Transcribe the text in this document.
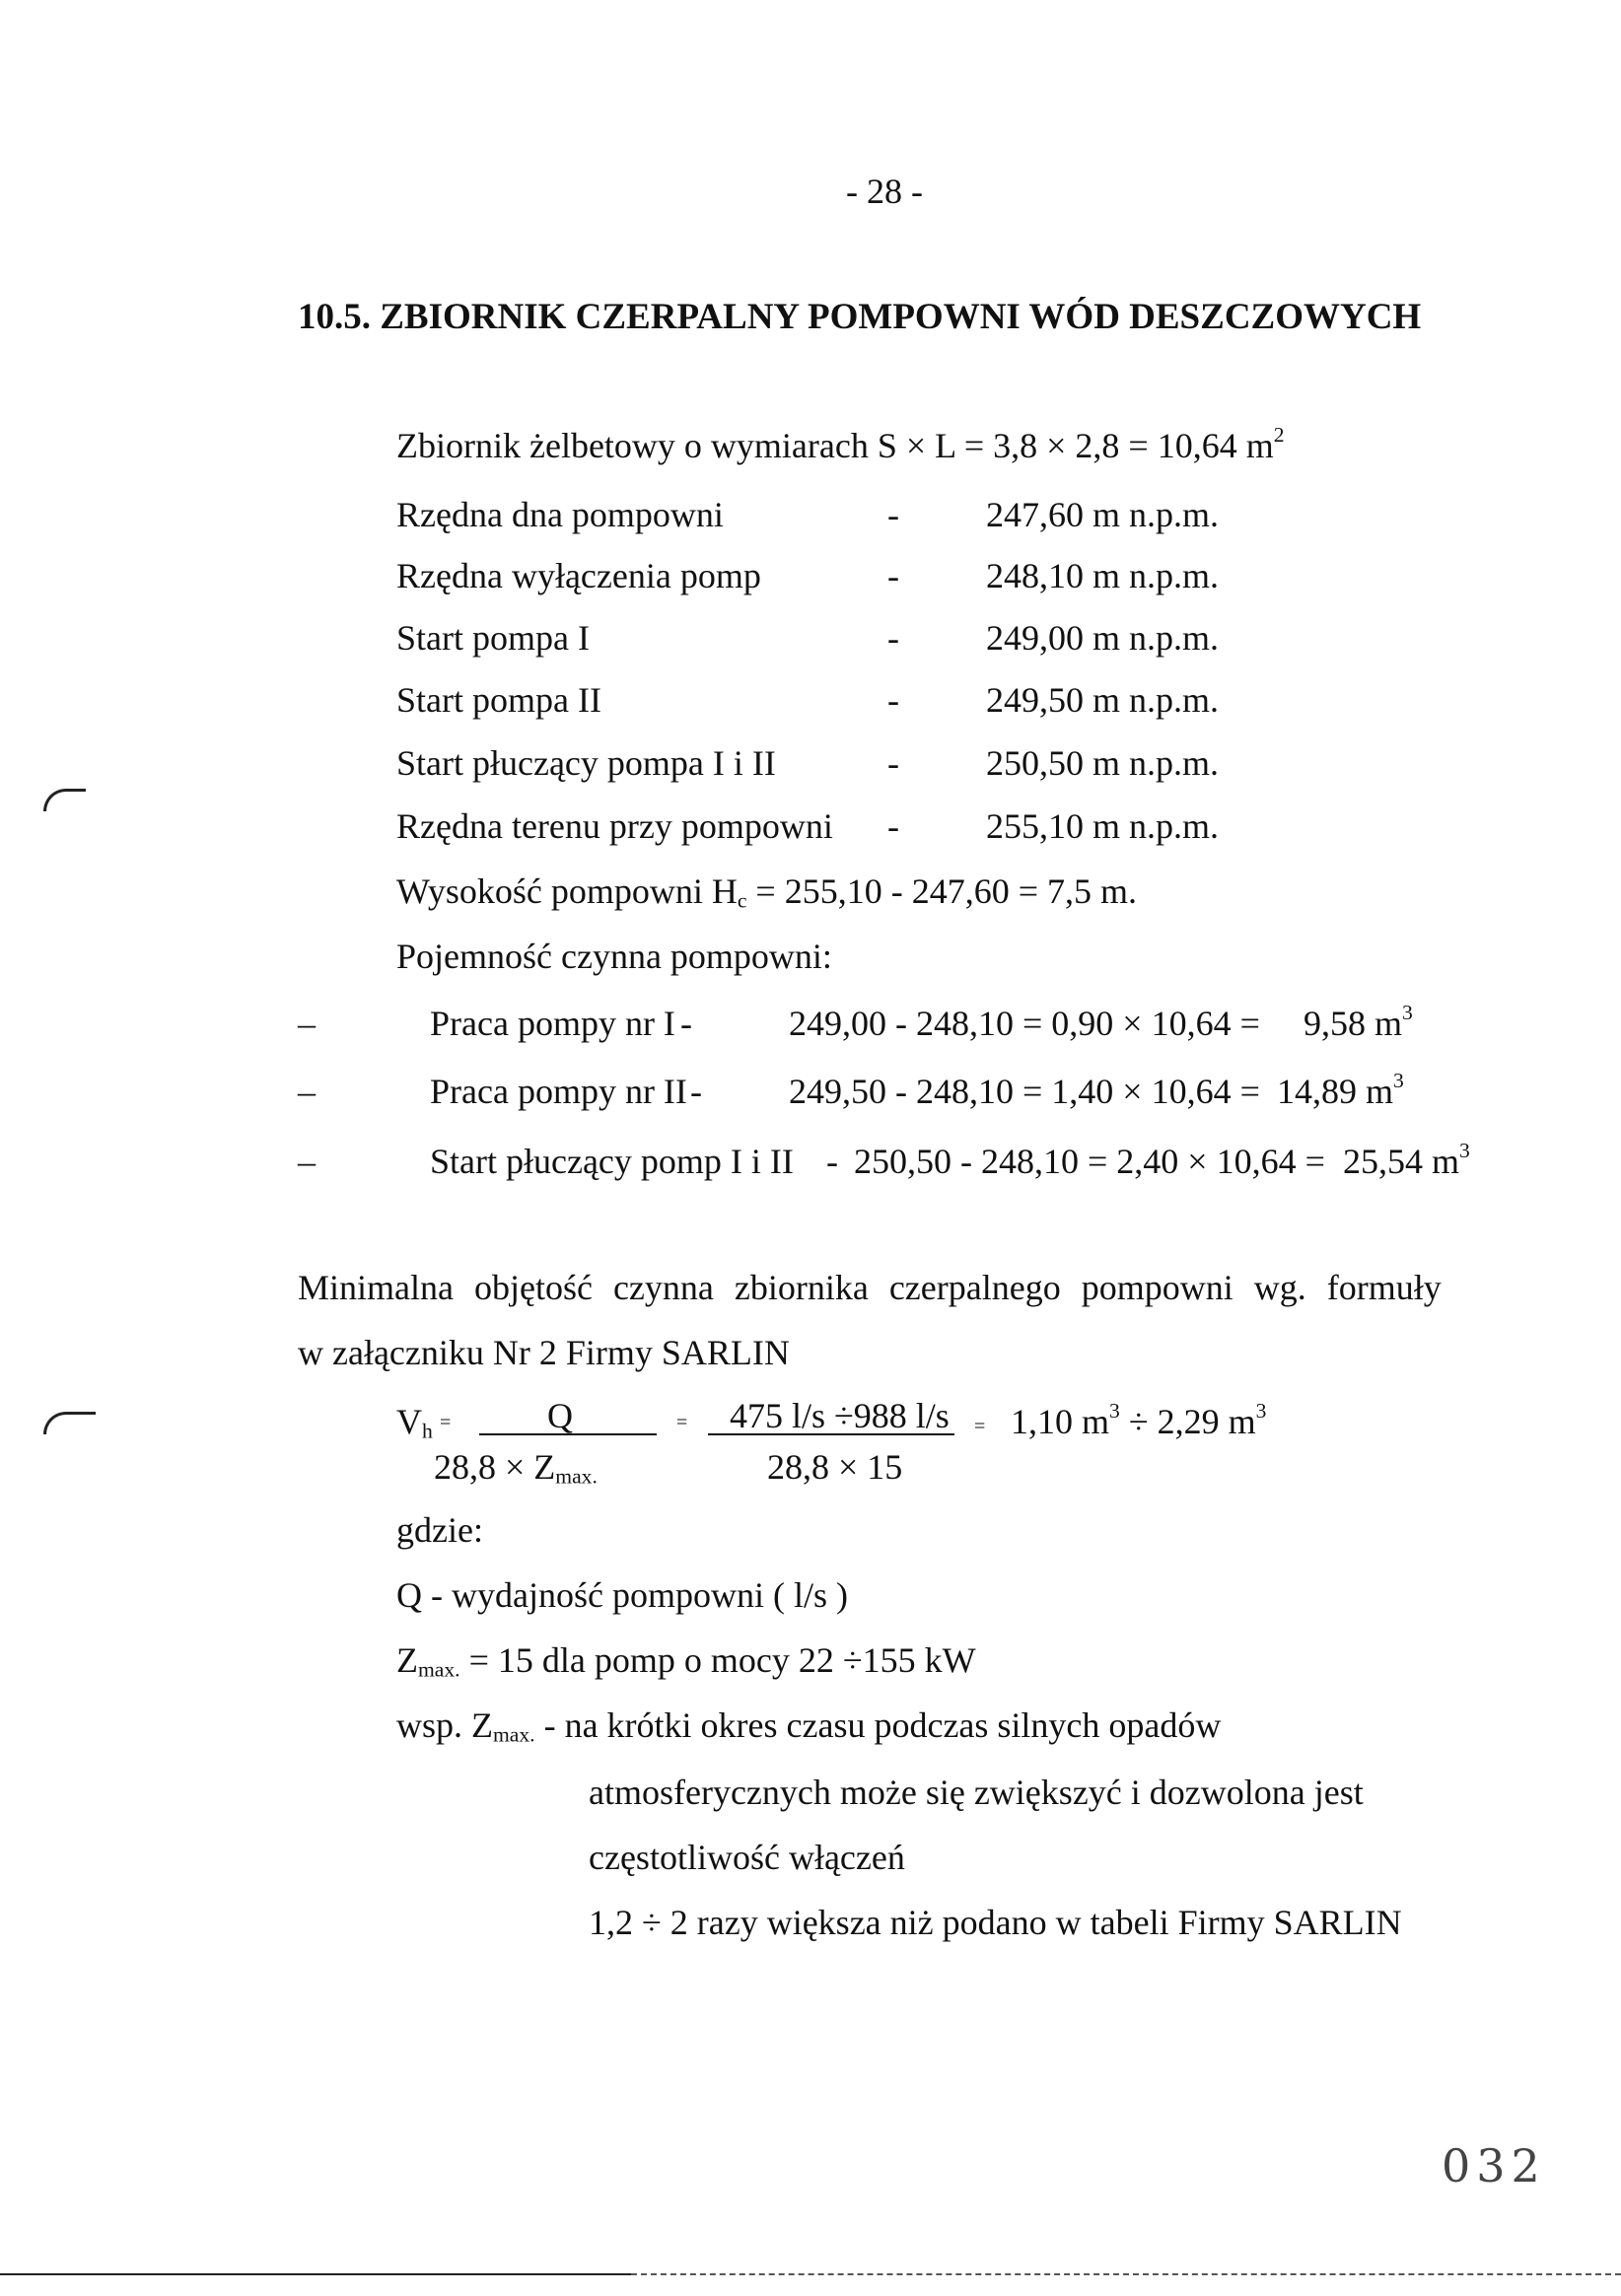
- 28 -
10.5. ZBIORNIK CZERPALNY POMPOWNI WÓD DESZCZOWYCH
Zbiornik żelbetowy o wymiarach S × L = 3,8 × 2,8 = 10,64 $m^2$
Rzędna dna pompowni	- 247,60 m n.p.m.
Rzędna wyłączenia pomp	- 248,10 m n.p.m.
Start pompa I	- 249,00 m n.p.m.
Start pompa II	- 249,50 m n.p.m.
Start płuczący pompa I i II	- 250,50 m n.p.m.
Rzędna terenu przy pompowni - 255,10 m n.p.m.
Wysokość pompowni $H_c = 255,10 - 247,60 = 7,5$ m.
Pojemność czynna pompowni:
–	Praca pompy nr I -	249,00 - 248,10 = 0,90 × 10,64 = 9,58 $m^3$
–	Praca pompy nr II - 249,50 - 248,10 = 1,40 × 10,64 = 14,89 $m^3$
–	Start płuczący pomp I i II - 250,50 - 248,10 = 2,40 × 10,64 = 25,54 $m^3$
Minimalna objętość czynna zbiornika czerpalnego pompowni wg. formuły
w załączniku Nr 2 Firmy SARLIN
$V_h$ =	Q
$28,8 \times Z_{max.}$
= 475 l/s ÷988 l/s
28,8 × 15
= 1,10 $m^3 \div 2,29$ $m^3$
gdzie:
Q - wydajność pompowni ( l/s )
$Z_{max.} = 15$ dla pomp o mocy 22 ÷155 kW
wsp. $Z_{max.}$ - na krótki okres czasu podczas silnych opadów
atmosferycznych może się zwiększyć i dozwolona jest
częstotliwość włączeń
1,2 ÷ 2 razy większa niż podano w tabeli Firmy SARLIN
032
